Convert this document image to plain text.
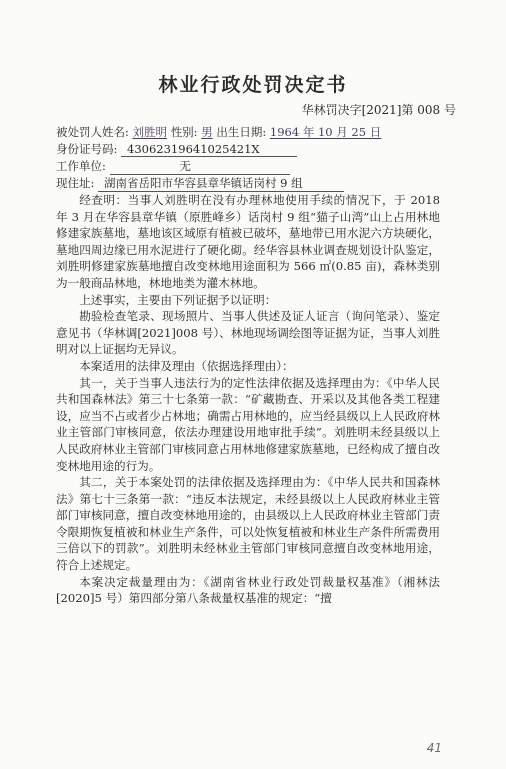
林业行政处罚决定书
华林罚决字[2021]第 008 号
被处罚人姓名: 刘胜明 性别: 男 出生日期: 1964 年 10 月 25 日
身份证号码: 43062319641025421X
工作单位:	无
现住址: 湖南省岳阳市华容县章华镇话岗村 9 组

经查明：当事人刘胜明在没有办理林地使用手续的情况下，于 2018 年 3 月在华容县章华镇（原胜峰乡）话岗村 9 组“猫子山湾”山上占用林地修建家族墓地，墓地该区域原有植被已破坏，墓地带已用水泥六方块硬化，墓地四周边缘已用水泥进行了硬化砌。经华容县林业调查规划设计队鉴定，刘胜明修建家族墓地擅自改变林地用途面积为 566 ㎡(0.85 亩)，森林类别为一般商品林地，林地地类为灌木林地。

上述事实，主要由下列证据予以证明：

勘验检查笔录、现场照片、当事人供述及证人证言（询问笔录）、鉴定意见书（华林调[2021]008 号）、林地现场调绘图等证据为证，当事人刘胜明对以上证据均无异议。

本案适用的法律及理由（依据选择理由）：

其一，关于当事人违法行为的定性法律依据及选择理由为：《中华人民共和国森林法》第三十七条第一款：“矿藏勘查、开采以及其他各类工程建设，应当不占或者少占林地；确需占用林地的，应当经县级以上人民政府林业主管部门审核同意，依法办理建设用地审批手续”。刘胜明未经县级以上人民政府林业主管部门审核同意占用林地修建家族墓地，已经构成了擅自改变林地用途的行为。

其二，关于本案处罚的法律依据及选择理由为：《中华人民共和国森林法》第七十三条第一款：“违反本法规定，未经县级以上人民政府林业主管部门审核同意，擅自改变林地用途的，由县级以上人民政府林业主管部门责令限期恢复植被和林业生产条件，可以处恢复植被和林业生产条件所需费用三倍以下的罚款”。刘胜明未经林业主管部门审核同意擅自改变林地用途，符合上述规定。

本案决定裁量理由为：《湖南省林业行政处罚裁量权基准》（湘林法[2020]5 号）第四部分第八条裁量权基准的规定：“擅

41
